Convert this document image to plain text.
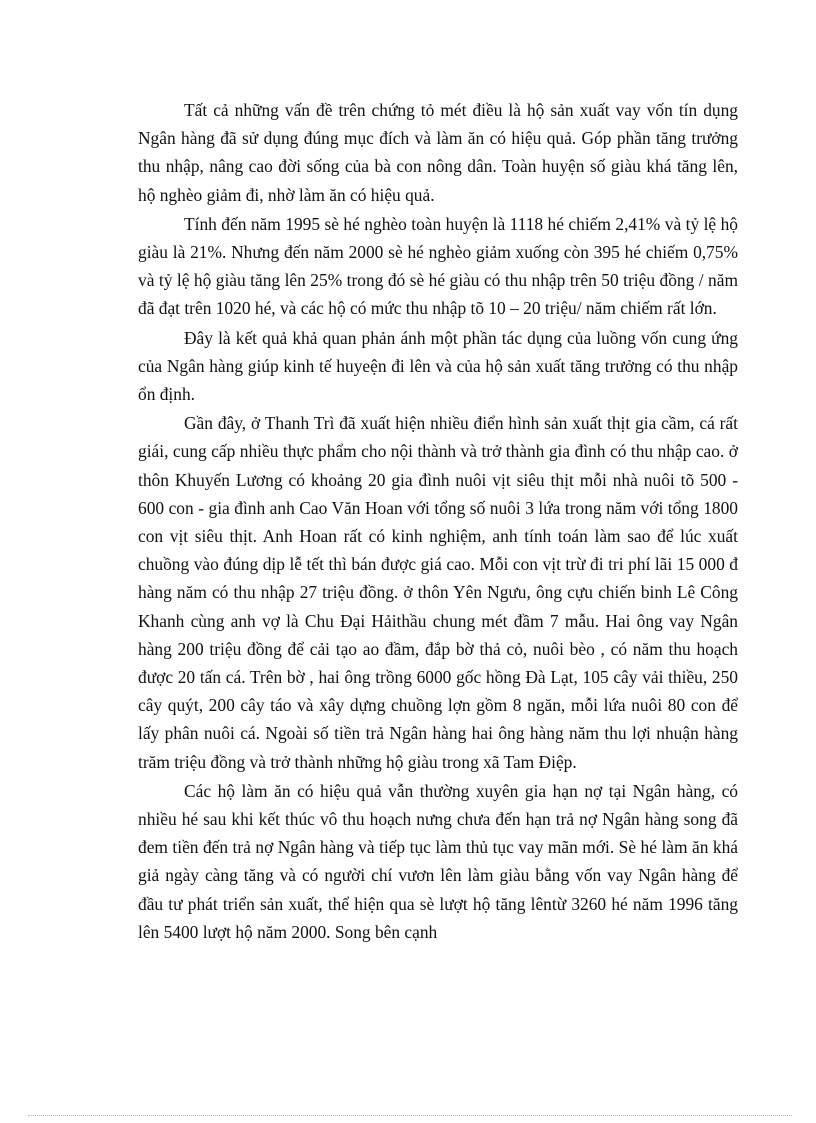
Tất cả những vấn đề trên chứng tỏ mét điều là hộ sản xuất vay vốn tín dụng Ngân hàng đã sử dụng đúng mục đích và làm ăn có hiệu quả. Góp phần tăng trưởng thu nhập, nâng cao đời sống của bà con nông dân. Toàn huyện số giàu khá tăng lên, hộ nghèo giảm đi, nhờ làm ăn có hiệu quả.

Tính đến năm 1995 sè hé nghèo toàn huyện là 1118 hé chiếm 2,41% và tỷ lệ hộ giàu là 21%. Nhưng đến năm 2000 sè hé nghèo giảm xuống còn 395 hé chiếm 0,75% và tỷ lệ hộ giàu tăng lên 25% trong đó sè hé giàu có thu nhập trên 50 triệu đồng / năm đã đạt trên 1020 hé, và các hộ có mức thu nhập tõ 10 – 20 triệu/ năm chiếm rất lớn.

Đây là kết quả khả quan phản ánh một phần tác dụng của luồng vốn cung ứng của Ngân hàng giúp kinh tế huyeện đi lên và của hộ sản xuất tăng trưởng có thu nhập ổn định.

Gần đây, ở Thanh Trì đã xuất hiện nhiều điển hình sản xuất thịt gia cầm, cá rất giái, cung cấp nhiều thực phẩm cho nội thành và trở thành gia đình có thu nhập cao. ở thôn Khuyến Lương có khoảng 20 gia đình nuôi vịt siêu thịt mỗi nhà nuôi tõ 500 - 600 con - gia đình anh Cao Văn Hoan với tổng số nuôi 3 lứa trong năm với tổng 1800 con vịt siêu thịt. Anh Hoan rất có kinh nghiệm, anh tính toán làm sao để lúc xuất chuồng vào đúng dịp lễ tết thì bán được giá cao. Mỗi con vịt trừ đi tri phí lãi 15 000 đ hàng năm có thu nhập 27 triệu đồng. ở thôn Yên Ngưu, ông cựu chiến binh Lê Công Khanh cùng anh vợ là Chu Đại Hảithầu chung mét đầm 7 mẫu. Hai ông vay Ngân hàng 200 triệu đồng để cải tạo ao đầm, đắp bờ thả cỏ, nuôi bèo , có năm thu hoạch được 20 tấn cá. Trên bờ , hai ông trồng 6000 gốc hồng Đà Lạt, 105 cây vải thiều, 250 cây quýt, 200 cây táo và xây dựng chuồng lợn gồm 8 ngăn, mỗi lứa nuôi 80 con để lấy phân nuôi cá. Ngoài số tiền trả Ngân hàng hai ông hàng năm thu lợi nhuận hàng trăm triệu đồng và trở thành những hộ giàu trong xã Tam Điệp.

Các hộ làm ăn có hiệu quả vẫn thường xuyên gia hạn nợ tại Ngân hàng, có nhiều hé sau khi kết thúc vô thu hoạch nưng chưa đến hạn trả nợ Ngân hàng song đã đem tiền đến trả nợ Ngân hàng và tiếp tục làm thủ tục vay mãn mới. Sè hé làm ăn khá giả ngày càng tăng và có người chí vươn lên làm giàu bằng vốn vay Ngân hàng để đầu tư phát triển sản xuất, thể hiện qua sè lượt hộ tăng lêntừ 3260 hé năm 1996 tăng lên 5400 lượt hộ năm 2000. Song bên cạnh
